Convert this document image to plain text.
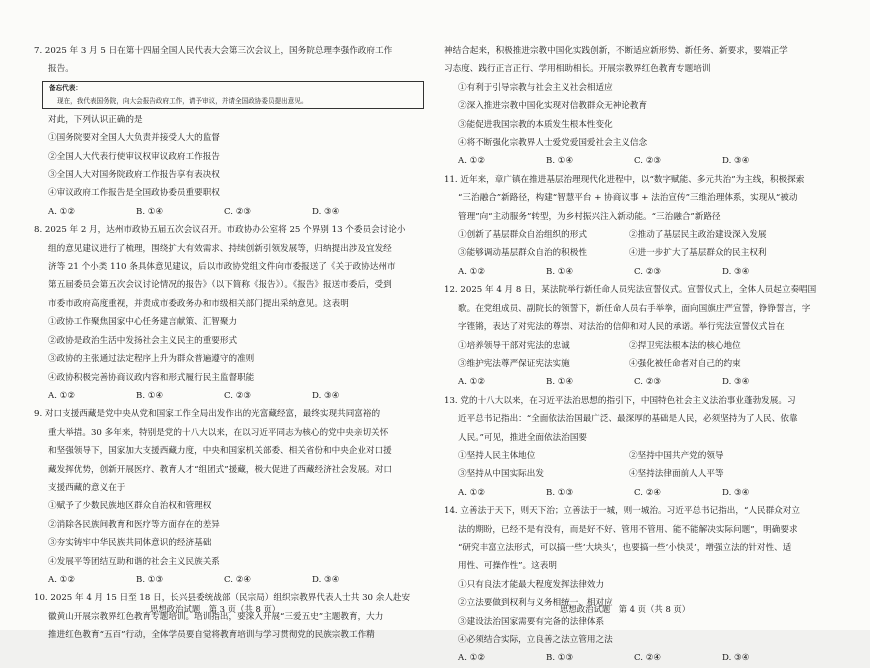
7. 2025 年 3 月 5 日在第十四届全国人民代表大会第三次会议上，国务院总理李强作政府工作

报告。

备忘代表：
现在，我代表国务院，向大会报告政府工作，请予审议，并请全国政协委员提出意见。

对此，下列认识正确的是

①国务院要对全国人大负责并接受人大的监督
②全国人大代表行使审议权审议政府工作报告
③全国人大对国务院政府工作报告享有表决权
④审议政府工作报告是全国政协委员重要职权
A. ①②	B. ①④	C. ②③	D. ③④

8. 2025 年 2 月，达州市政协五届五次会议召开。市政协办公室将 25 个界别 13 个委员会讨论小

组的意见建议进行了梳理，围绕扩大有效需求、持续创新引领发展等，归纳提出涉及宜发经

济等 21 个小类 110 条具体意见建议，后以市政协党组文件向市委报送了《关于政协达州市

第五届委员会第五次会议讨论情况的报告》（以下简称《报告》）。《报告》报送市委后，受到

市委市政府高度重视，并责成市委政务办和市级相关部门提出采纳意见。这表明

①政协工作聚焦国家中心任务建言献策、汇智聚力
②政协是政治生活中发扬社会主义民主的重要形式
③政协的主张通过法定程序上升为群众普遍遵守的准则
④政协积极完善协商议政内容和形式履行民主监督职能
A. ①②	B. ①④	C. ②③	D. ③④

9. 对口支援西藏是党中央从党和国家工作全局出发作出的光富藏经富，最终实现共同富裕的

重大举措。30 多年来，特别是党的十八大以来，在以习近平同志为核心的党中央亲切关怀

和坚强领导下，国家加大支援西藏力度，中央和国家机关部委、相关省份和中央企业对口援

藏发挥优势，创新开展医疗、教育人才“组团式”援藏，极大促进了西藏经济社会发展。对口

支援西藏的意义在于

①赋予了少数民族地区群众自治权和管理权
②消除各民族间教育和医疗等方面存在的差异
③夯实铸牢中华民族共同体意识的经济基础
④发展平等团结互助和谐的社会主义民族关系
A. ①②	B. ①③	C. ②④	D. ③④

10. 2025 年 4 月 15 日至 18 日，长兴县委统战部（民宗局）组织宗教界代表人士共 30 余人赴安

徽黄山开展宗教界红色教育专题培训。培训指出，要深入开展“三爱五史”主题教育，大力

推进红色教育“五百”行动，全体学员要自觉将教育培训与学习贯彻党的民族宗教工作精

思想政治试题　第 3 页（共 8 页）

神结合起来，积极推进宗教中国化实践创新，不断适应新形势、新任务、新要求，要端正学

习态度、践行正言正行、学用相助相长。开展宗教界红色教育专题培训

①有利于引导宗教与社会主义社会相适应
②深入推进宗教中国化实现对信教群众无神论教育
③能促进我国宗教的本质发生根本性变化
④将不断强化宗教界人士爱党爱国爱社会主义信念
A. ①②	B. ①④	C. ②③	D. ③④

11. 近年来，章广镇在推进基层治理现代化进程中，以“数字赋能、多元共治”为主线，积极探索

“三治融合”新路径，构建“智慧平台 + 协商议事 + 法治宣传”三维治理体系，实现从“被动

管理”向“主动服务”转型，为乡村振兴注入新动能。“三治融合”新路径

①创新了基层群众自治组织的形式	②推动了基层民主政治建设深入发展
③能够调动基层群众自治的积极性	④进一步扩大了基层群众的民主权利
A. ①②	B. ①④	C. ②③	D. ③④

12. 2025 年 4 月 8 日，某法院举行新任命人员宪法宣誓仪式。宣誓仪式上，全体人员起立奏唱国

歌。在党组成员、副院长的领誓下，新任命人员右手举拳，面向国旗庄严宣誓，铮铮誓言，字

字铿锵，表达了对宪法的尊崇、对法治的信仰和对人民的承诺。举行宪法宣誓仪式旨在

①培养领导干部对宪法的忠诚	②捍卫宪法根本法的核心地位
③维护宪法尊严保证宪法实施	④强化被任命者对自己的约束
A. ①②	B. ①④	C. ②③	D. ③④

13. 党的十八大以来，在习近平法治思想的指引下，中国特色社会主义法治事业蓬勃发展。习

近平总书记指出：“全面依法治国最广泛、最深厚的基础是人民，必须坚持为了人民、依靠

人民。”可见，推进全面依法治国要

①坚持人民主体地位	②坚持中国共产党的领导
③坚持从中国实际出发	④坚持法律面前人人平等
A. ①②	B. ①③	C. ②④	D. ③④

14. 立善法于天下，则天下治；立善法于一城，则一城治。习近平总书记指出，“人民群众对立

法的期盼，已经不是有没有，而是好不好、管用不管用、能不能解决实际问题”，明确要求

“研究丰富立法形式，可以搞一些‘大块头’，也要搞一些‘小快灵’，增强立法的针对性、适

用性、可操作性”。这表明

①只有良法才能最大程度发挥法律效力
②立法要做到权利与义务相统一、相对应
③建设法治国家需要有完备的法律体系
④必须结合实际，立良善之法立管用之法
A. ①②	B. ①③	C. ②④	D. ③④
思想政治试题　第 4 页（共 8 页）
